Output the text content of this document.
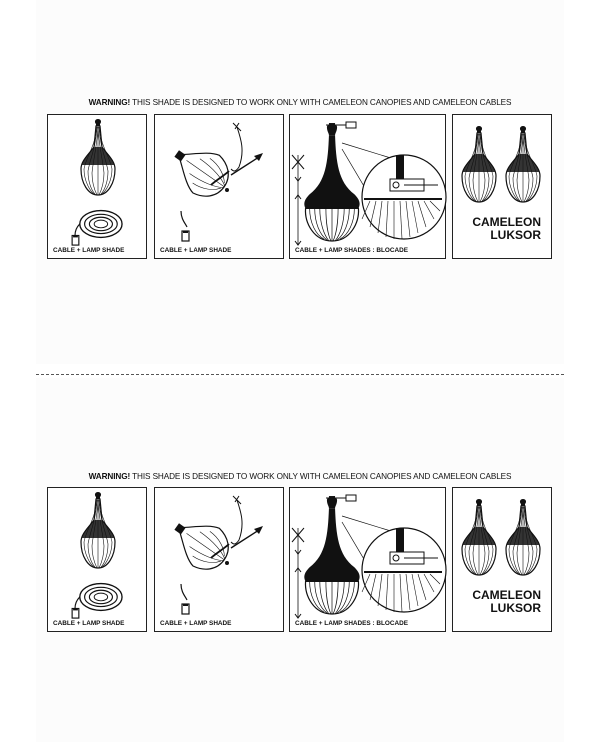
WARNING! THIS SHADE IS DESIGNED TO WORK ONLY WITH CAMELEON CANOPIES AND CAMELEON CABLES
CABLE + LAMP SHADE	CABLE + LAMP SHADE	CABLE + LAMP SHADES : BLOCADE
CAMELEON
LUKSOR
WARNING! THIS SHADE IS DESIGNED TO WORK ONLY WITH CAMELEON CANOPIES AND CAMELEON CABLES
CABLE + LAMP SHADE	CABLE + LAMP SHADE	CABLE + LAMP SHADES : BLOCADE
CAMELEON
LUKSOR
